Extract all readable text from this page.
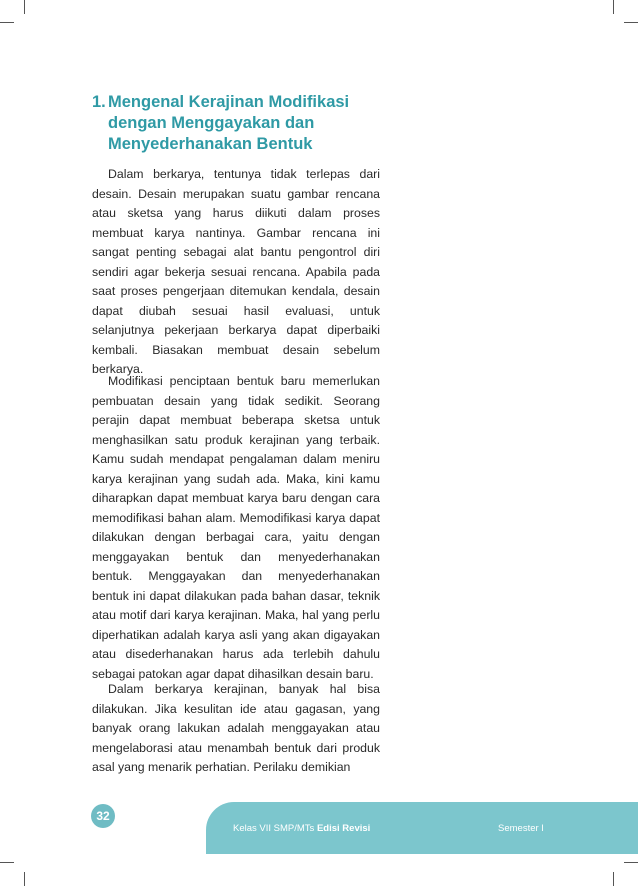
1. Mengenal Kerajinan Modifikasi
dengan Menggayakan dan
Menyederhanakan Bentuk

Dalam berkarya, tentunya tidak terlepas dari desain. Desain merupakan suatu gambar rencana atau sketsa yang harus diikuti dalam proses membuat karya nantinya. Gambar rencana ini sangat penting sebagai alat bantu pengontrol diri sendiri agar bekerja sesuai rencana. Apabila pada saat proses pengerjaan ditemukan kendala, desain dapat diubah sesuai hasil evaluasi, untuk selanjutnya pekerjaan berkarya dapat diperbaiki kembali. Biasakan membuat desain sebelum berkarya.

Modifikasi penciptaan bentuk baru memerlukan pembuatan desain yang tidak sedikit. Seorang perajin dapat membuat beberapa sketsa untuk menghasilkan satu produk kerajinan yang terbaik. Kamu sudah mendapat pengalaman dalam meniru karya kerajinan yang sudah ada. Maka, kini kamu diharapkan dapat membuat karya baru dengan cara memodifikasi bahan alam. Memodifikasi karya dapat dilakukan dengan berbagai cara, yaitu dengan menggayakan bentuk dan menyederhanakan bentuk. Menggayakan dan menyederhanakan bentuk ini dapat dilakukan pada bahan dasar, teknik atau motif dari karya kerajinan. Maka, hal yang perlu diperhatikan adalah karya asli yang akan digayakan atau disederhanakan harus ada terlebih dahulu sebagai patokan agar dapat dihasilkan desain baru.

Dalam berkarya kerajinan, banyak hal bisa dilakukan. Jika kesulitan ide atau gagasan, yang banyak orang lakukan adalah menggayakan atau mengelaborasi atau menambah bentuk dari produk asal yang menarik perhatian. Perilaku demikian

32
Kelas VII SMP/MTs Edisi Revisi	Semester I
